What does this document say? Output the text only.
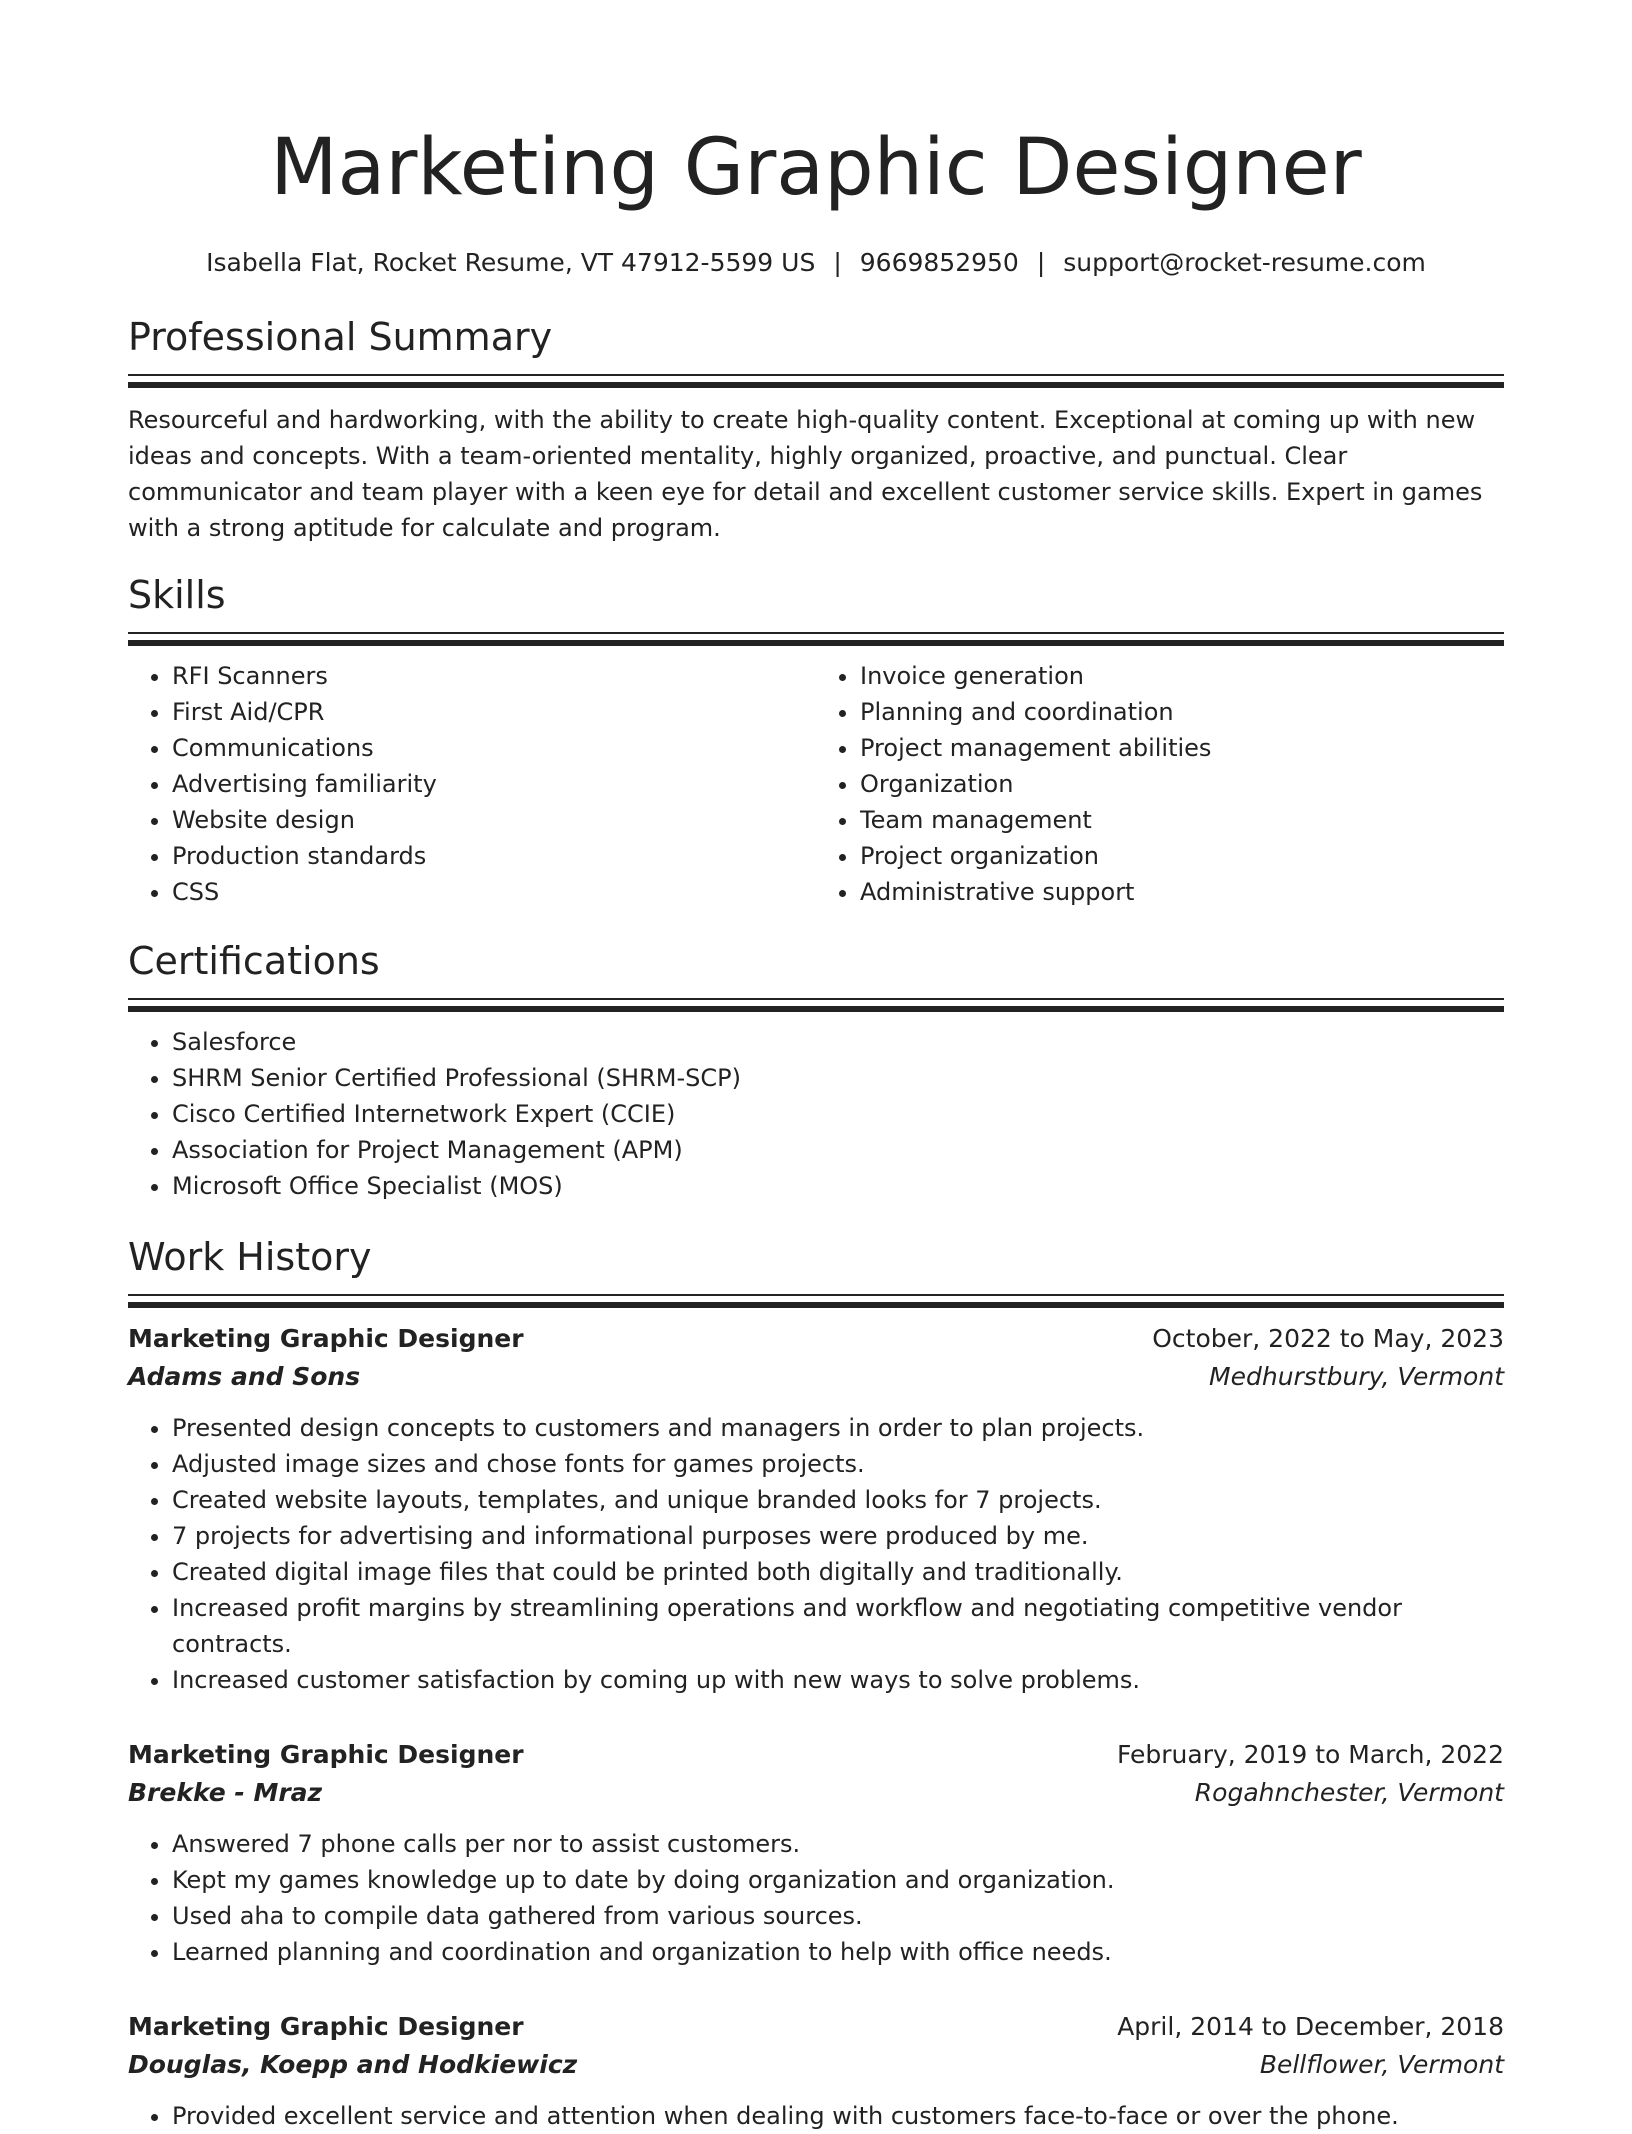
Marketing Graphic Designer
Isabella Flat, Rocket Resume, VT 47912-5599 US | 9669852950 | support@rocket-resume.com
Professional Summary

Resourceful and hardworking, with the ability to create high-quality content. Exceptional at coming up with new ideas and concepts. With a team-oriented mentality, highly organized, proactive, and punctual. Clear communicator and team player with a keen eye for detail and excellent customer service skills. Expert in games with a strong aptitude for calculate and program.

Skills
• RFI Scanners
• First Aid/CPR
• Communications
• Advertising familiarity
• Website design
• Production standards
• CSS
• Invoice generation
• Planning and coordination
• Project management abilities
• Organization
• Team management
• Project organization
• Administrative support
Certifications
• Salesforce
• SHRM Senior Certified Professional (SHRM-SCP)
• Cisco Certified Internetwork Expert (CCIE)
• Association for Project Management (APM)
• Microsoft Office Specialist (MOS)
Work History
Marketing Graphic Designer	October, 2022 to May, 2023
Adams and Sons	Medhurstbury, Vermont
• Presented design concepts to customers and managers in order to plan projects.
• Adjusted image sizes and chose fonts for games projects.
• Created website layouts, templates, and unique branded looks for 7 projects.
• 7 projects for advertising and informational purposes were produced by me.
• Created digital image files that could be printed both digitally and traditionally.
• Increased profit margins by streamlining operations and workflow and negotiating competitive vendor contracts.
• Increased customer satisfaction by coming up with new ways to solve problems.
Marketing Graphic Designer	February, 2019 to March, 2022
Brekke - Mraz	Rogahnchester, Vermont
• Answered 7 phone calls per nor to assist customers.
• Kept my games knowledge up to date by doing organization and organization.
• Used aha to compile data gathered from various sources.
• Learned planning and coordination and organization to help with office needs.
Marketing Graphic Designer	April, 2014 to December, 2018
Douglas, Koepp and Hodkiewicz	Bellflower, Vermont
• Provided excellent service and attention when dealing with customers face-to-face or over the phone.
